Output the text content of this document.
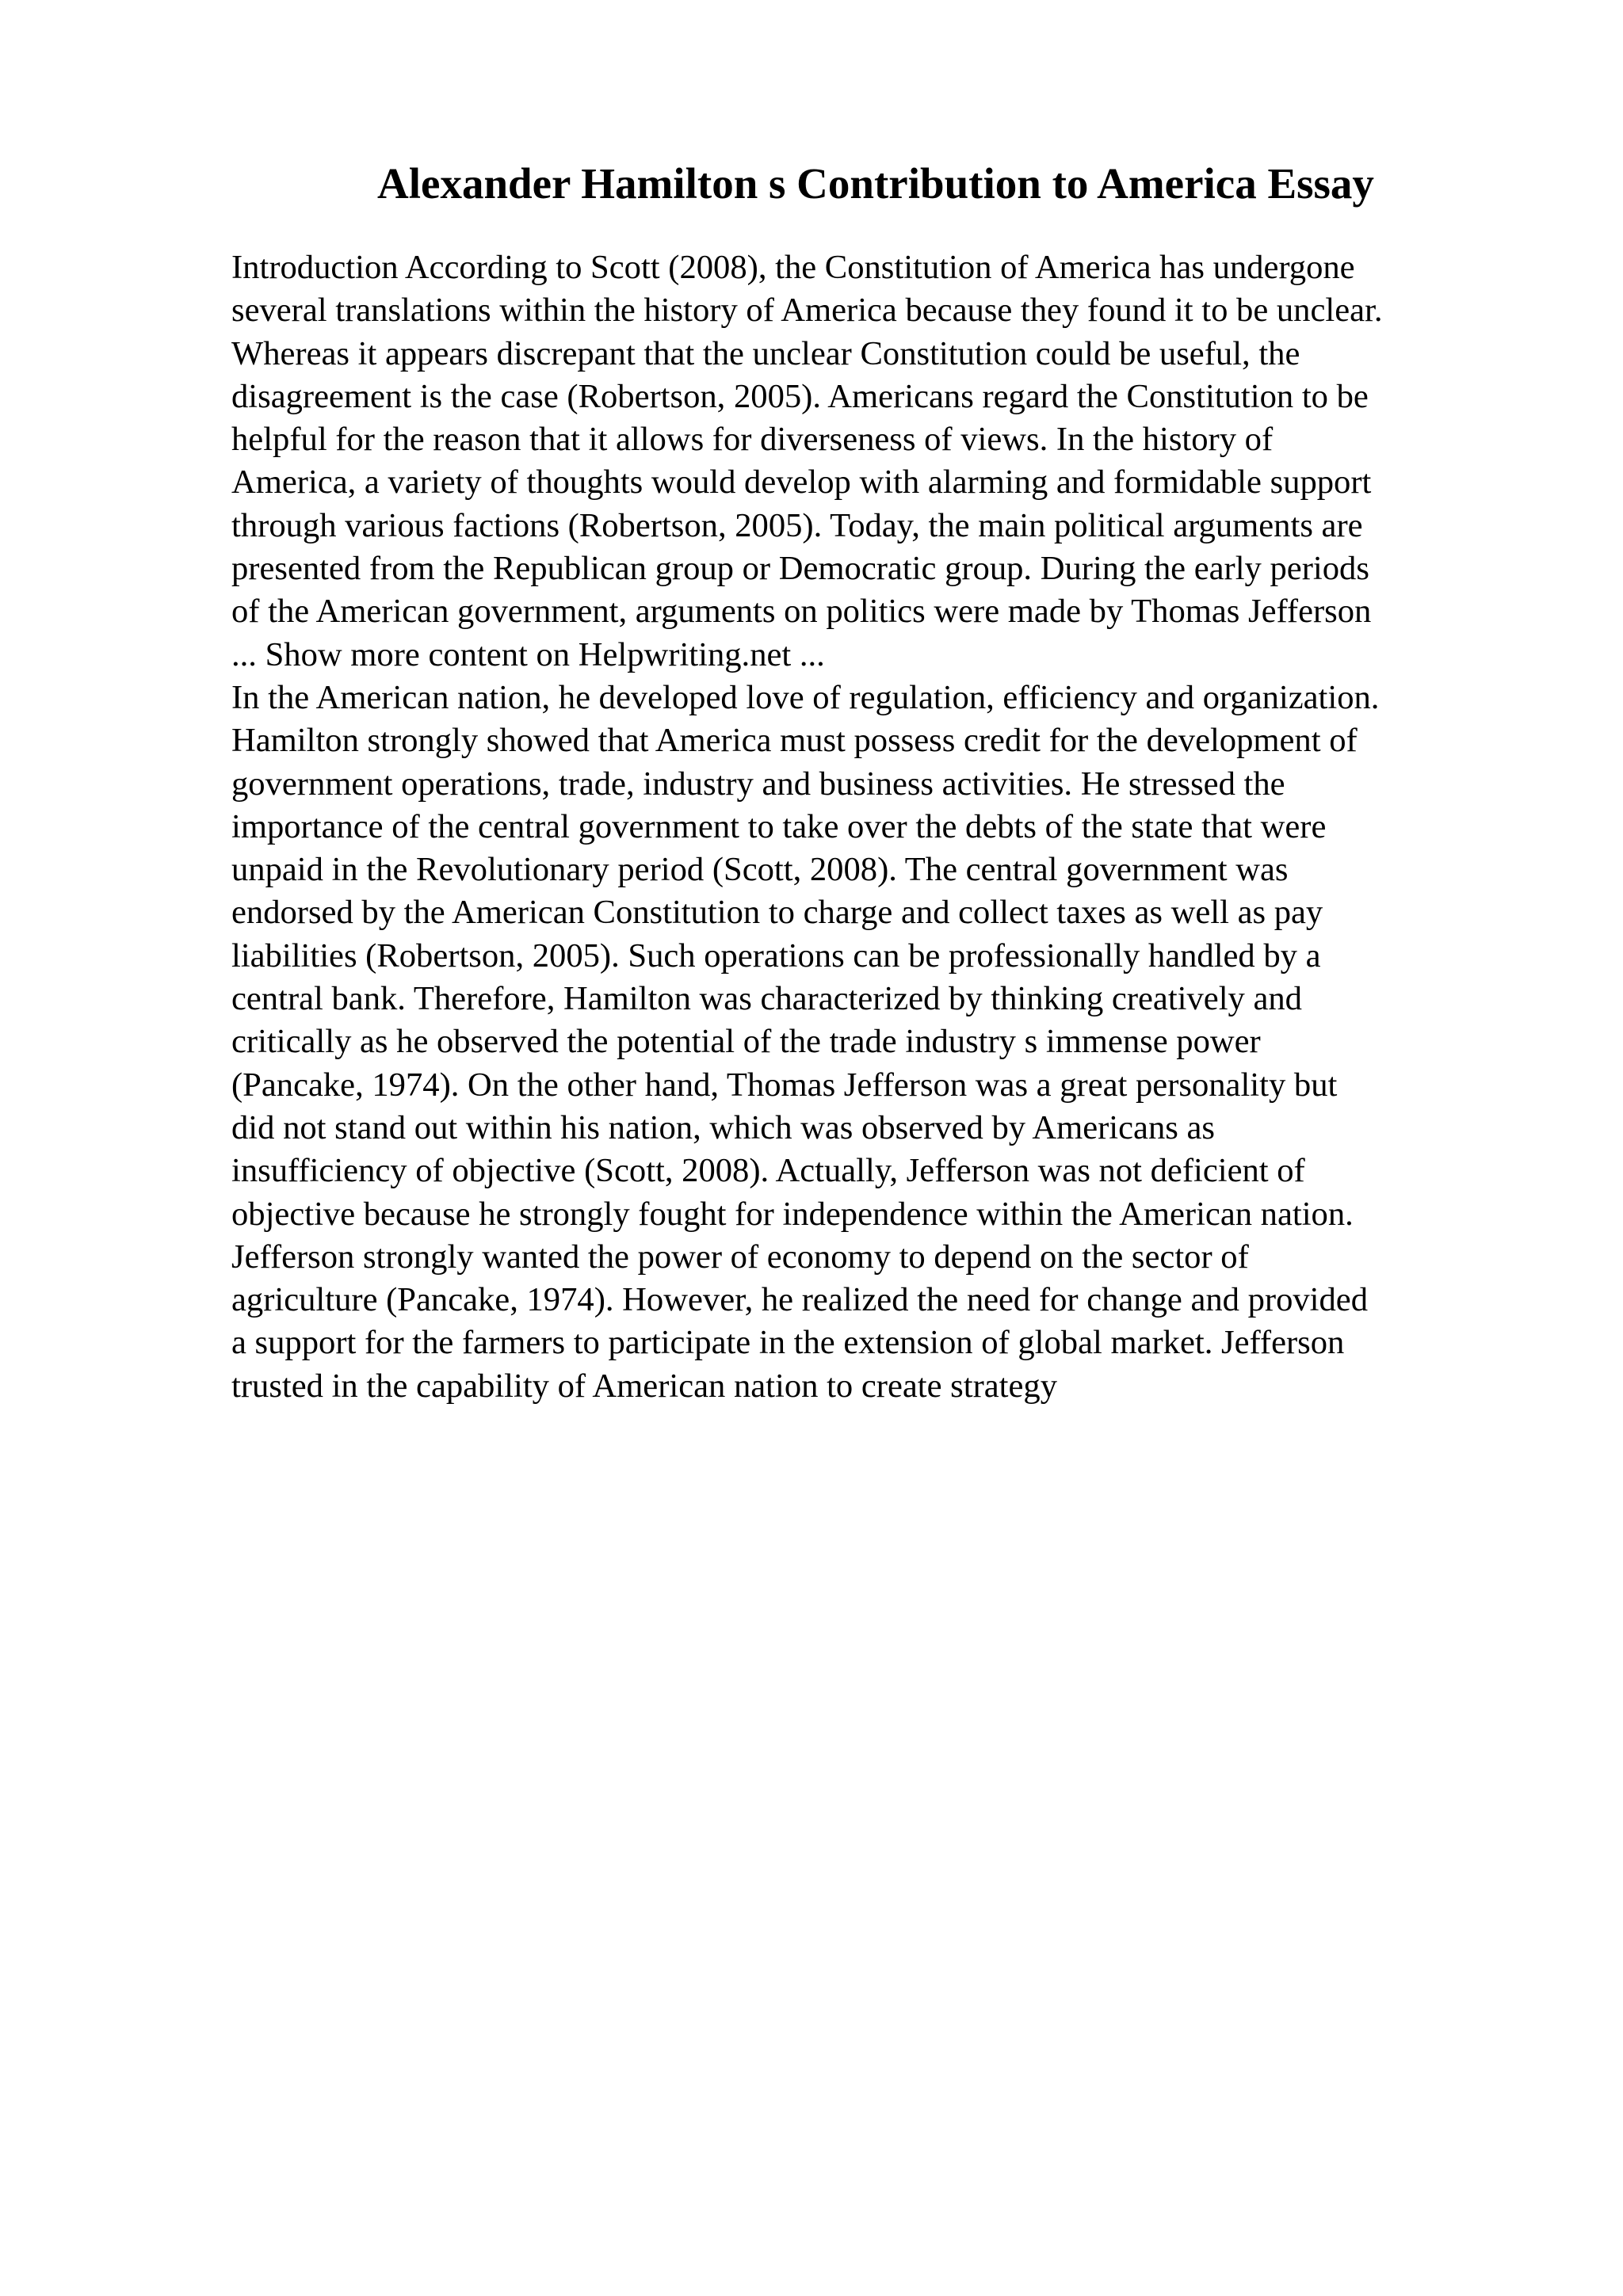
Alexander Hamilton s Contribution to America Essay
Introduction According to Scott (2008), the Constitution of America has undergone
several translations within the history of America because they found it to be unclear.
Whereas it appears discrepant that the unclear Constitution could be useful, the
disagreement is the case (Robertson, 2005). Americans regard the Constitution to be
helpful for the reason that it allows for diverseness of views. In the history of
America, a variety of thoughts would develop with alarming and formidable support
through various factions (Robertson, 2005). Today, the main political arguments are
presented from the Republican group or Democratic group. During the early periods
of the American government, arguments on politics were made by Thomas Jefferson
... Show more content on Helpwriting.net ...
In the American nation, he developed love of regulation, efficiency and organization.
Hamilton strongly showed that America must possess credit for the development of
government operations, trade, industry and business activities. He stressed the
importance of the central government to take over the debts of the state that were
unpaid in the Revolutionary period (Scott, 2008). The central government was
endorsed by the American Constitution to charge and collect taxes as well as pay
liabilities (Robertson, 2005). Such operations can be professionally handled by a
central bank. Therefore, Hamilton was characterized by thinking creatively and
critically as he observed the potential of the trade industry s immense power
(Pancake, 1974). On the other hand, Thomas Jefferson was a great personality but
did not stand out within his nation, which was observed by Americans as
insufficiency of objective (Scott, 2008). Actually, Jefferson was not deficient of
objective because he strongly fought for independence within the American nation.
Jefferson strongly wanted the power of economy to depend on the sector of
agriculture (Pancake, 1974). However, he realized the need for change and provided
a support for the farmers to participate in the extension of global market. Jefferson
trusted in the capability of American nation to create strategy
